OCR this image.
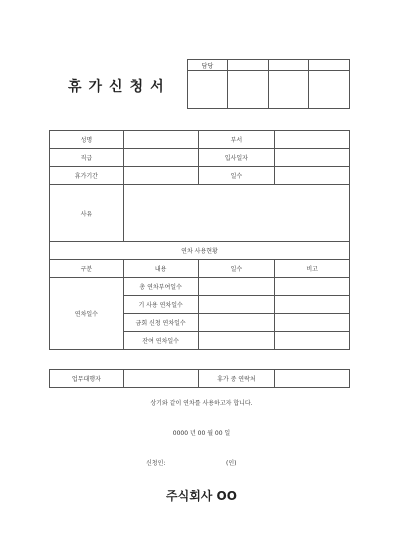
휴가신청서
담당			

성명		부서	
직급		입사일자	
휴가기간		일수	
사유			
연차 사용현황			
구분	내용	일수	비고
연차일수	총 연차부여일수		
	기 사용 연차일수		
	금회 신청 연차일수		
	잔여 연차일수		
업무대행자		휴가 중 연락처	
상기와 같이 연차를 사용하고자 합니다.
0000 년 00 월 00 일
신청인:	(인)
주식회사 OO
